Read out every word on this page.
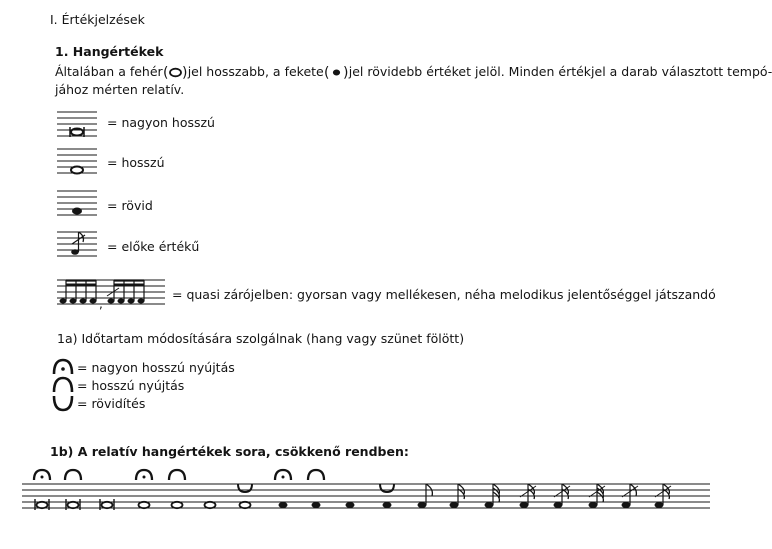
I. Értékjelzések
1. Hangértékek
Általában a fehér ( ) jel hosszabb, a fekete ( ) jel rövidebb értéket jelöl. Minden értékjel a darab választott tempó-
jához mérten relatív.
= nagyon hosszú
= hosszú
= rövid
= előke értékű
,
= quasi zárójelben: gyorsan vagy mellékesen, néha melodikus jelentőséggel játszandó
1a) Időtartam módosítására szolgálnak (hang vagy szünet fölött)
= nagyon hosszú nyújtás
= hosszú nyújtás
= rövidítés
1b) A relatív hangértékek sora, csökkenő rendben:
